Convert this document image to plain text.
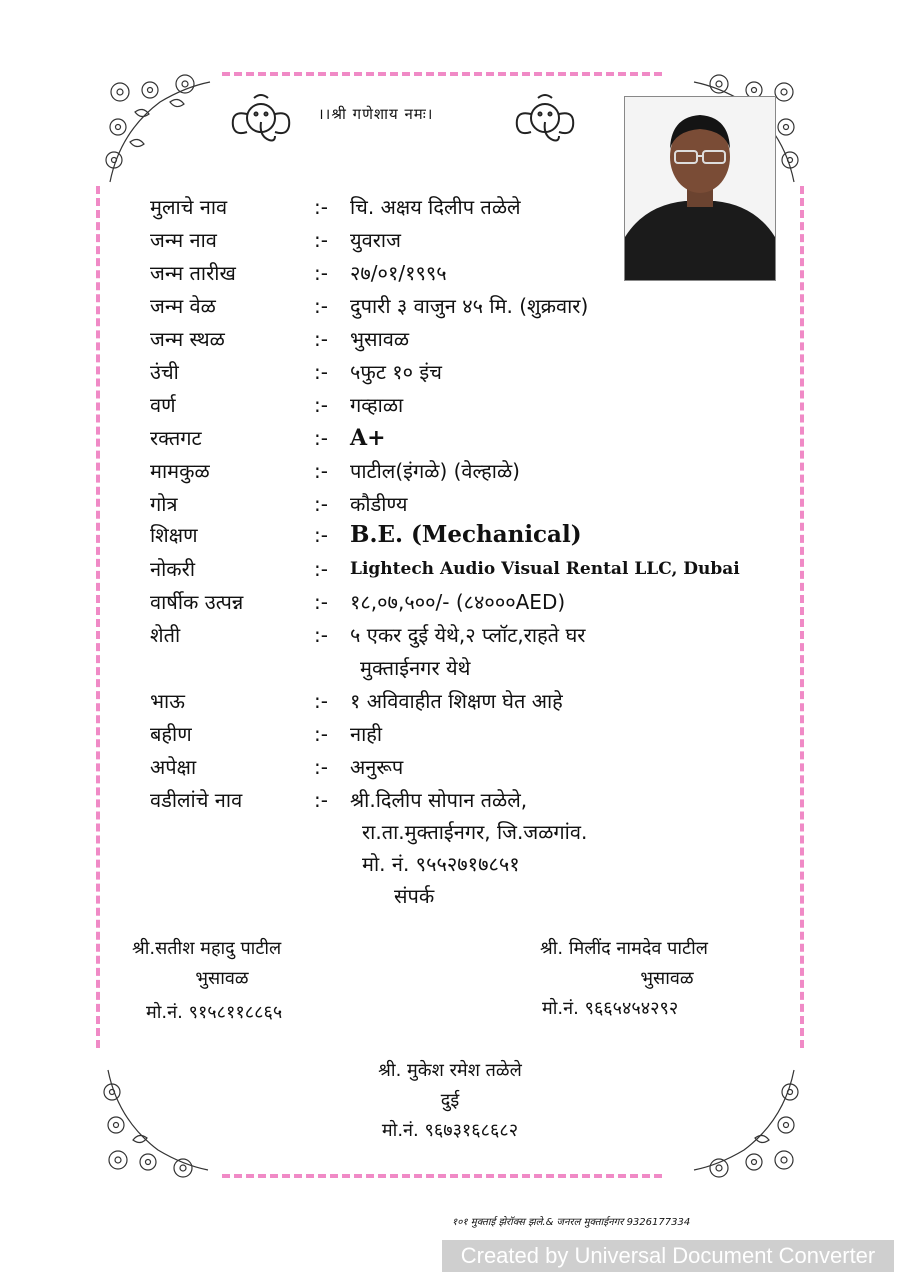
।।श्री गणेशाय नमः।
मुलाचे नाव	:- चि. अक्षय दिलीप तळेले
जन्म नाव	:- युवराज
जन्म तारीख	:- २७/०१/१९९५
जन्म वेळ	:- दुपारी ३ वाजुन ४५ मि. (शुक्रवार)
जन्म स्थळ	:- भुसावळ
उंची	:- ५फुट १० इंच
वर्ण	:- गव्हाळा
रक्तगट	:- A+
मामकुळ	:- पाटील(इंगळे) (वेल्हाळे)
गोत्र	:- कौडीण्य
शिक्षण	:- B.E. (Mechanical)
नोकरी	:- Lightech Audio Visual Rental LLC, Dubai
वार्षीक उत्पन्न	:- १८,०७,५००/- (८४०००AED)
शेती	:- ५ एकर दुई येथे,२ प्लॉट,राहते घर
मुक्ताईनगर येथे
भाऊ	:- १ अविवाहीत शिक्षण घेत आहे
बहीण	:- नाही
अपेक्षा	:- अनुरूप
वडीलांचे नाव	:- श्री.दिलीप सोपान तळेले,
रा.ता.मुक्ताईनगर, जि.जळगांव.
मो. नं. ९५५२७१७८५१
संपर्क
श्री.सतीश महादु पाटील
भुसावळ
मो.नं. ९१५८११८८६५
श्री. मिलींद नामदेव पाटील
भुसावळ
मो.नं. ९६६५४५४२९२
श्री. मुकेश रमेश तळेले
दुई
मो.नं. ९६७३१६८६८२
१०१ मुक्ताई झेरॉक्स झले.& जनरल मुक्ताईनगर 9326177334
Created by Universal Document Converter
